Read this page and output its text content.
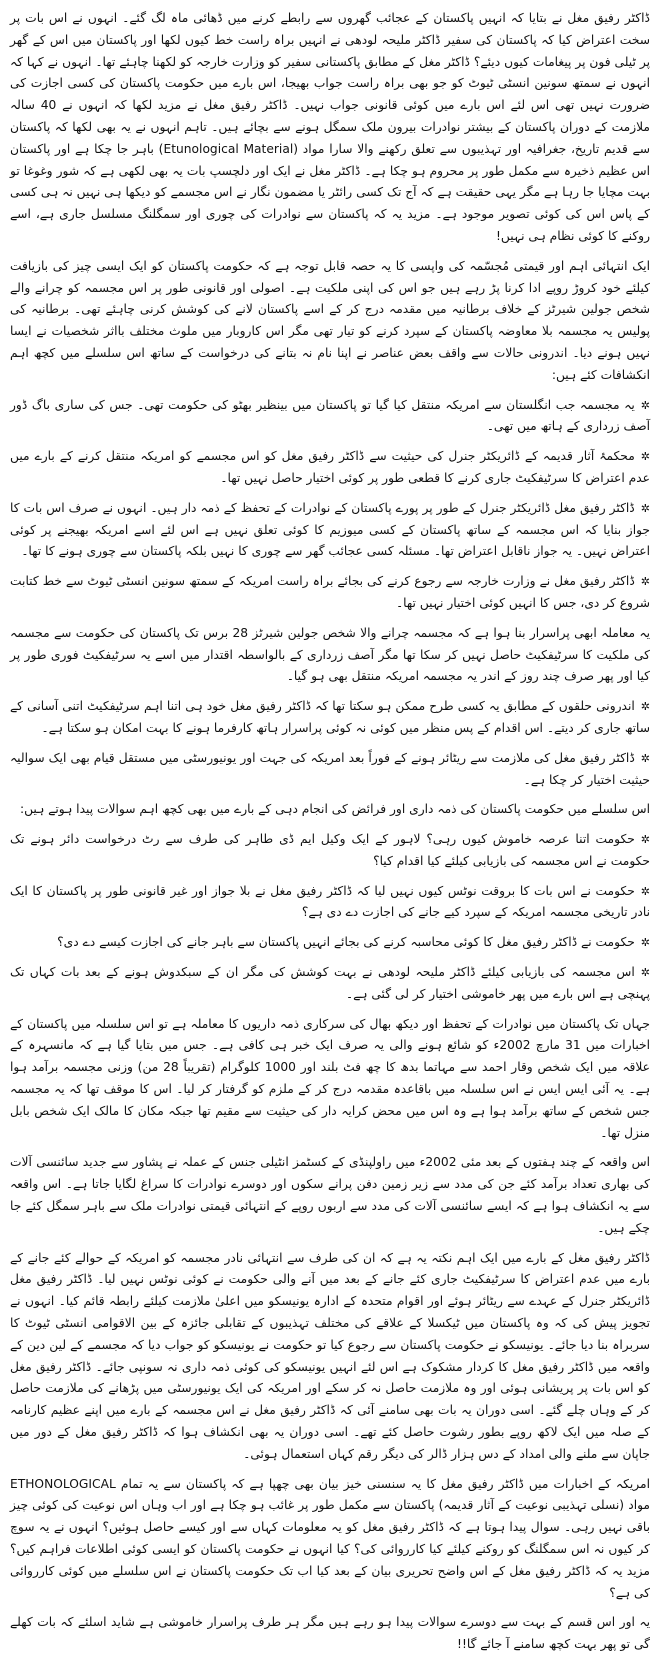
ڈاکٹر رفیق مغل نے بتایا کہ انہیں پاکستان کے عجائب گھروں سے رابطے کرنے میں ڈھائی ماہ لگ گئے۔ انہوں نے اس بات پر سخت اعتراض کیا کہ پاکستان کی سفیر ڈاکٹر ملیحہ لودھی نے انہیں براہ راست خط کیوں لکھا اور پاکستان میں اس کے گھر پر ٹیلی فون پر پیغامات کیوں دیئے؟ ڈاکٹر مغل کے مطابق پاکستانی سفیر کو وزارت خارجہ کو لکھنا چاہئے تھا۔ انہوں نے کہا کہ انہوں نے سمتھ سونین انسٹی ٹیوٹ کو جو بھی براہ راست جواب بھیجا، اس بارے میں حکومت پاکستان کی کسی اجازت کی ضرورت نہیں تھی اس لئے اس بارے میں کوئی قانونی جواب نہیں۔ ڈاکٹر رفیق مغل نے مزید لکھا کہ انہوں نے 40 سالہ ملازمت کے دوران پاکستان کے بیشتر نوادرات بیرون ملک سمگل ہونے سے بچائے ہیں۔ تاہم انہوں نے یہ بھی لکھا کہ پاکستان سے قدیم تاریخ، جغرافیہ اور تہذیبوں سے تعلق رکھنے والا سارا مواد (Etunological Material) باہر جا چکا ہے اور پاکستان اس عظیم ذخیرہ سے مکمل طور پر محروم ہو چکا ہے۔ ڈاکٹر مغل نے ایک اور دلچسپ بات یہ بھی لکھی ہے کہ شور وغوغا تو بہت مچایا جا رہا ہے مگر یہی حقیقت ہے کہ آج تک کسی رائٹر یا مضمون نگار نے اس مجسمے کو دیکھا ہی نہیں نہ ہی کسی کے پاس اس کی کوئی تصویر موجود ہے۔ مزید یہ کہ پاکستان سے نوادرات کی چوری اور سمگلنگ مسلسل جاری ہے، اسے روکنے کا کوئی نظام ہی نہیں!

ایک انتہائی اہم اور قیمتی مُجسّمہ کی واپسی کا یہ حصہ قابل توجہ ہے کہ حکومت پاکستان کو ایک ایسی چیز کی بازیافت کیلئے خود کروڑ روپے ادا کرنا پڑ رہے ہیں جو اس کی اپنی ملکیت ہے۔ اصولی اور قانونی طور پر اس مجسمہ کو چرانے والے شخص جولین شیرٹز کے خلاف برطانیہ میں مقدمہ درج کر کے اسے پاکستان لانے کی کوشش کرنی چاہئے تھی۔ برطانیہ کی پولیس یہ مجسمہ بلا معاوضہ پاکستان کے سپرد کرنے کو تیار تھی مگر اس کاروبار میں ملوث مختلف بااثر شخصیات نے ایسا نہیں ہونے دیا۔ اندرونی حالات سے واقف بعض عناصر نے اپنا نام نہ بتانے کی درخواست کے ساتھ اس سلسلے میں کچھ اہم انکشافات کئے ہیں:

✲یہ مجسمہ جب انگلستان سے امریکہ منتقل کیا گیا تو پاکستان میں بینظیر بھٹو کی حکومت تھی۔ جس کی ساری باگ ڈور آصف زرداری کے ہاتھ میں تھی۔

✲محکمۂ آثار قدیمہ کے ڈائریکٹر جنرل کی حیثیت سے ڈاکٹر رفیق مغل کو اس مجسمے کو امریکہ منتقل کرنے کے بارے میں عدم اعتراض کا سرٹیفکیٹ جاری کرنے کا قطعی طور پر کوئی اختیار حاصل نہیں تھا۔

✲ڈاکٹر رفیق مغل ڈائریکٹر جنرل کے طور پر پورے پاکستان کے نوادرات کے تحفظ کے ذمہ دار ہیں۔ انہوں نے صرف اس بات کا جواز بنایا کہ اس مجسمہ کے ساتھ پاکستان کے کسی میوزیم کا کوئی تعلق نہیں ہے اس لئے اسے امریکہ بھیجنے پر کوئی اعتراض نہیں۔ یہ جواز ناقابل اعتراض تھا۔ مسئلہ کسی عجائب گھر سے چوری کا نہیں بلکہ پاکستان سے چوری ہونے کا تھا۔

✲ڈاکٹر رفیق مغل نے وزارت خارجہ سے رجوع کرنے کی بجائے براہ راست امریکہ کے سمتھ سونین انسٹی ٹیوٹ سے خط کتابت شروع کر دی، جس کا انہیں کوئی اختیار نہیں تھا۔

یہ معاملہ ابھی پراسرار بنا ہوا ہے کہ مجسمہ چرانے والا شخص جولین شیرٹز 28 برس تک پاکستان کی حکومت سے مجسمہ کی ملکیت کا سرٹیفکیٹ حاصل نہیں کر سکا تھا مگر آصف زرداری کے بالواسطہ اقتدار میں اسے یہ سرٹیفکیٹ فوری طور پر کیا اور پھر صرف چند روز کے اندر یہ مجسمہ امریکہ منتقل بھی ہو گیا۔

✲اندرونی حلقوں کے مطابق یہ کسی طرح ممکن ہو سکتا تھا کہ ڈاکٹر رفیق مغل خود ہی اتنا اہم سرٹیفکیٹ اتنی آسانی کے ساتھ جاری کر دیتے۔ اس اقدام کے پس منظر میں کوئی نہ کوئی پراسرار ہاتھ کارفرما ہونے کا بہت امکان ہو سکتا ہے۔

✲ڈاکٹر رفیق مغل کی ملازمت سے ریٹائر ہونے کے فوراً بعد امریکہ کی جہت اور یونیورسٹی میں مستقل قیام بھی ایک سوالیہ حیثیت اختیار کر چکا ہے۔

اس سلسلے میں حکومت پاکستان کی ذمہ داری اور فرائض کی انجام دہی کے بارے میں بھی کچھ اہم سوالات پیدا ہوتے ہیں:

✲حکومت اتنا عرصہ خاموش کیوں رہی؟ لاہور کے ایک وکیل ایم ڈی طاہر کی طرف سے رٹ درخواست دائر ہونے تک حکومت نے اس مجسمہ کی بازیابی کیلئے کیا اقدام کیا؟

✲حکومت نے اس بات کا بروقت نوٹس کیوں نہیں لیا کہ ڈاکٹر رفیق مغل نے بلا جواز اور غیر قانونی طور پر پاکستان کا ایک نادر تاریخی مجسمہ امریکہ کے سپرد کیے جانے کی اجازت دے دی ہے؟

✲حکومت نے ڈاکٹر رفیق مغل کا کوئی محاسبہ کرنے کی بجائے انہیں پاکستان سے باہر جانے کی اجازت کیسے دے دی؟

✲اس مجسمہ کی بازیابی کیلئے ڈاکٹر ملیحہ لودھی نے بہت کوشش کی مگر ان کے سبکدوش ہونے کے بعد بات کہاں تک پہنچی ہے اس بارے میں پھر خاموشی اختیار کر لی گئی ہے۔

جہاں تک پاکستان میں نوادرات کے تحفظ اور دیکھ بھال کی سرکاری ذمہ داریوں کا معاملہ ہے تو اس سلسلہ میں پاکستان کے اخبارات میں 31 مارچ 2002ء کو شائع ہونے والی یہ صرف ایک خبر ہی کافی ہے۔ جس میں بتایا گیا ہے کہ مانسہرہ کے علاقہ میں ایک شخص وقار احمد سے مہاتما بدھ کا چھ فٹ بلند اور 1000 کلوگرام (تقریباً 28 من) وزنی مجسمہ برآمد ہوا ہے۔ یہ آئی ایس ایس نے اس سلسلہ میں باقاعدہ مقدمہ درج کر کے ملزم کو گرفتار کر لیا۔ اس کا موقف تھا کہ یہ مجسمہ جس شخص کے ساتھ برآمد ہوا ہے وہ اس میں محض کرایہ دار کی حیثیت سے مقیم تھا جبکہ مکان کا مالک ایک شخص بابل منزل تھا۔

اس واقعہ کے چند ہفتوں کے بعد مئی 2002ء میں راولپنڈی کے کسٹمز انٹیلی جنس کے عملہ نے پشاور سے جدید سائنسی آلات کی بھاری تعداد برآمد کئے جن کی مدد سے زیر زمین دفن پرانے سکوں اور دوسرے نوادرات کا سراغ لگایا جاتا ہے۔ اس واقعہ سے یہ انکشاف ہوا ہے کہ ایسے سائنسی آلات کی مدد سے اربوں روپے کے انتہائی قیمتی نوادرات ملک سے باہر سمگل کئے جا چکے ہیں۔

ڈاکٹر رفیق مغل کے بارے میں ایک اہم نکتہ یہ ہے کہ ان کی طرف سے انتہائی نادر مجسمہ کو امریکہ کے حوالے کئے جانے کے بارے میں عدم اعتراض کا سرٹیفکیٹ جاری کئے جانے کے بعد میں آنے والی حکومت نے کوئی نوٹس نہیں لیا۔ ڈاکٹر رفیق مغل ڈائریکٹر جنرل کے عہدے سے ریٹائر ہوئے اور اقوام متحدہ کے ادارہ یونیسکو میں اعلیٰ ملازمت کیلئے رابطہ قائم کیا۔ انہوں نے تجویز پیش کی کہ وہ پاکستان میں ٹیکسلا کے علاقے کی مختلف تہذیبوں کے تقابلی جائزہ کے بین الاقوامی انسٹی ٹیوٹ کا سربراہ بنا دیا جائے۔ یونیسکو نے حکومت پاکستان سے رجوع کیا تو حکومت نے یونیسکو کو جواب دیا کہ مجسمے کے لین دین کے واقعہ میں ڈاکٹر رفیق مغل کا کردار مشکوک ہے اس لئے انہیں یونیسکو کی کوئی ذمہ داری نہ سونپی جائے۔ ڈاکٹر رفیق مغل کو اس بات پر پریشانی ہوئی اور وہ ملازمت حاصل نہ کر سکے اور امریکہ کی ایک یونیورسٹی میں پڑھانے کی ملازمت حاصل کر کے وہاں چلے گئے۔ اسی دوران یہ بات بھی سامنے آئی کہ ڈاکٹر رفیق مغل نے اس مجسمہ کے بارے میں اپنے عظیم کارنامہ کے صلہ میں ایک لاکھ روپے بطور رشوت حاصل کئے تھے۔ اسی دوران یہ بھی انکشاف ہوا کہ ڈاکٹر رفیق مغل کے دور میں جاپان سے ملنے والی امداد کے دس ہزار ڈالر کی دیگر رقم کہاں استعمال ہوئی۔

امریکہ کے اخبارات میں ڈاکٹر رفیق مغل کا یہ سنسنی خیز بیان بھی چھپا ہے کہ پاکستان سے یہ تمام ETHONOLOGICAL مواد (نسلی تہذیبی نوعیت کے آثار قدیمہ) پاکستان سے مکمل طور پر غائب ہو چکا ہے اور اب وہاں اس نوعیت کی کوئی چیز باقی نہیں رہی۔ سوال پیدا ہوتا ہے کہ ڈاکٹر رفیق مغل کو یہ معلومات کہاں سے اور کیسے حاصل ہوئیں؟ انہوں نے یہ سوچ کر کیوں نہ اس سمگلنگ کو روکنے کیلئے کیا کارروائی کی؟ کیا انہوں نے حکومت پاکستان کو ایسی کوئی اطلاعات فراہم کیں؟ مزید یہ کہ ڈاکٹر رفیق مغل کے اس واضح تحریری بیان کے بعد کیا اب تک حکومت پاکستان نے اس سلسلے میں کوئی کارروائی کی ہے؟

یہ اور اس قسم کے بہت سے دوسرے سوالات پیدا ہو رہے ہیں مگر ہر طرف پراسرار خاموشی ہے شاید اسلئے کہ بات کھلے گی تو پھر بہت کچھ سامنے آ جائے گا!!
